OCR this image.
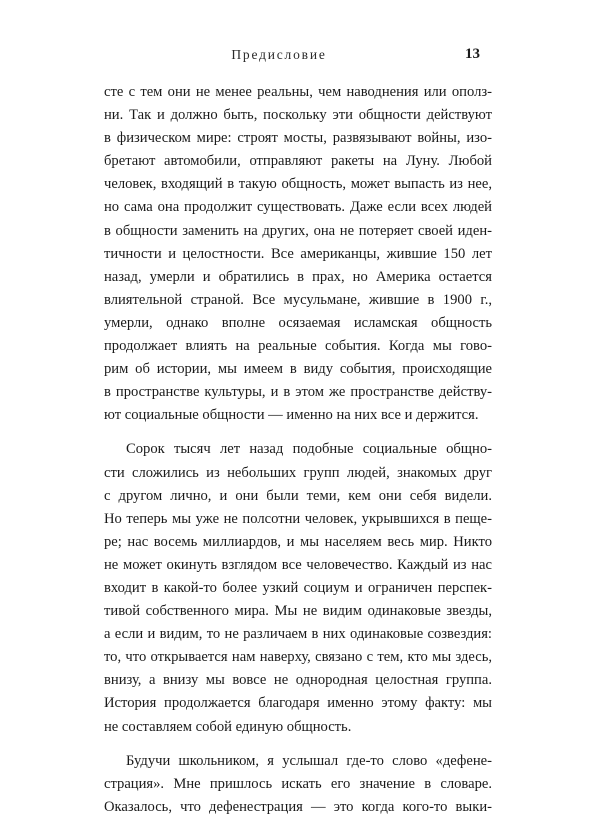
Предисловие	13
сте с тем они не менее реальны, чем наводнения или ополз-
ни. Так и должно быть, поскольку эти общности действуют
в физическом мире: строят мосты, развязывают войны, изо-
бретают автомобили, отправляют ракеты на Луну. Любой
человек, входящий в такую общность, может выпасть из нее,
но сама она продолжит существовать. Даже если всех людей
в общности заменить на других, она не потеряет своей иден-
тичности и целостности. Все американцы, жившие 150 лет
назад, умерли и обратились в прах, но Америка остается
влиятельной страной. Все мусульмане, жившие в 1900 г.,
умерли, однако вполне осязаемая исламская общность
продолжает влиять на реальные события. Когда мы гово-
рим об истории, мы имеем в виду события, происходящие
в пространстве культуры, и в этом же пространстве действу-
ют социальные общности — именно на них все и держится.
Сорок тысяч лет назад подобные социальные общно-
сти сложились из небольших групп людей, знакомых друг
с другом лично, и они были теми, кем они себя видели.
Но теперь мы уже не полсотни человек, укрывшихся в пеще-
ре; нас восемь миллиардов, и мы населяем весь мир. Никто
не может окинуть взглядом все человечество. Каждый из нас
входит в какой-то более узкий социум и ограничен перспек-
тивой собственного мира. Мы не видим одинаковые звезды,
а если и видим, то не различаем в них одинаковые созвездия:
то, что открывается нам наверху, связано с тем, кто мы здесь,
внизу, а внизу мы вовсе не однородная целостная группа.
История продолжается благодаря именно этому факту: мы
не составляем собой единую общность.
Будучи школьником, я услышал где-то слово «дефене-
страция». Мне пришлось искать его значение в словаре.
Оказалось, что дефенестрация — это когда кого-то выки-
